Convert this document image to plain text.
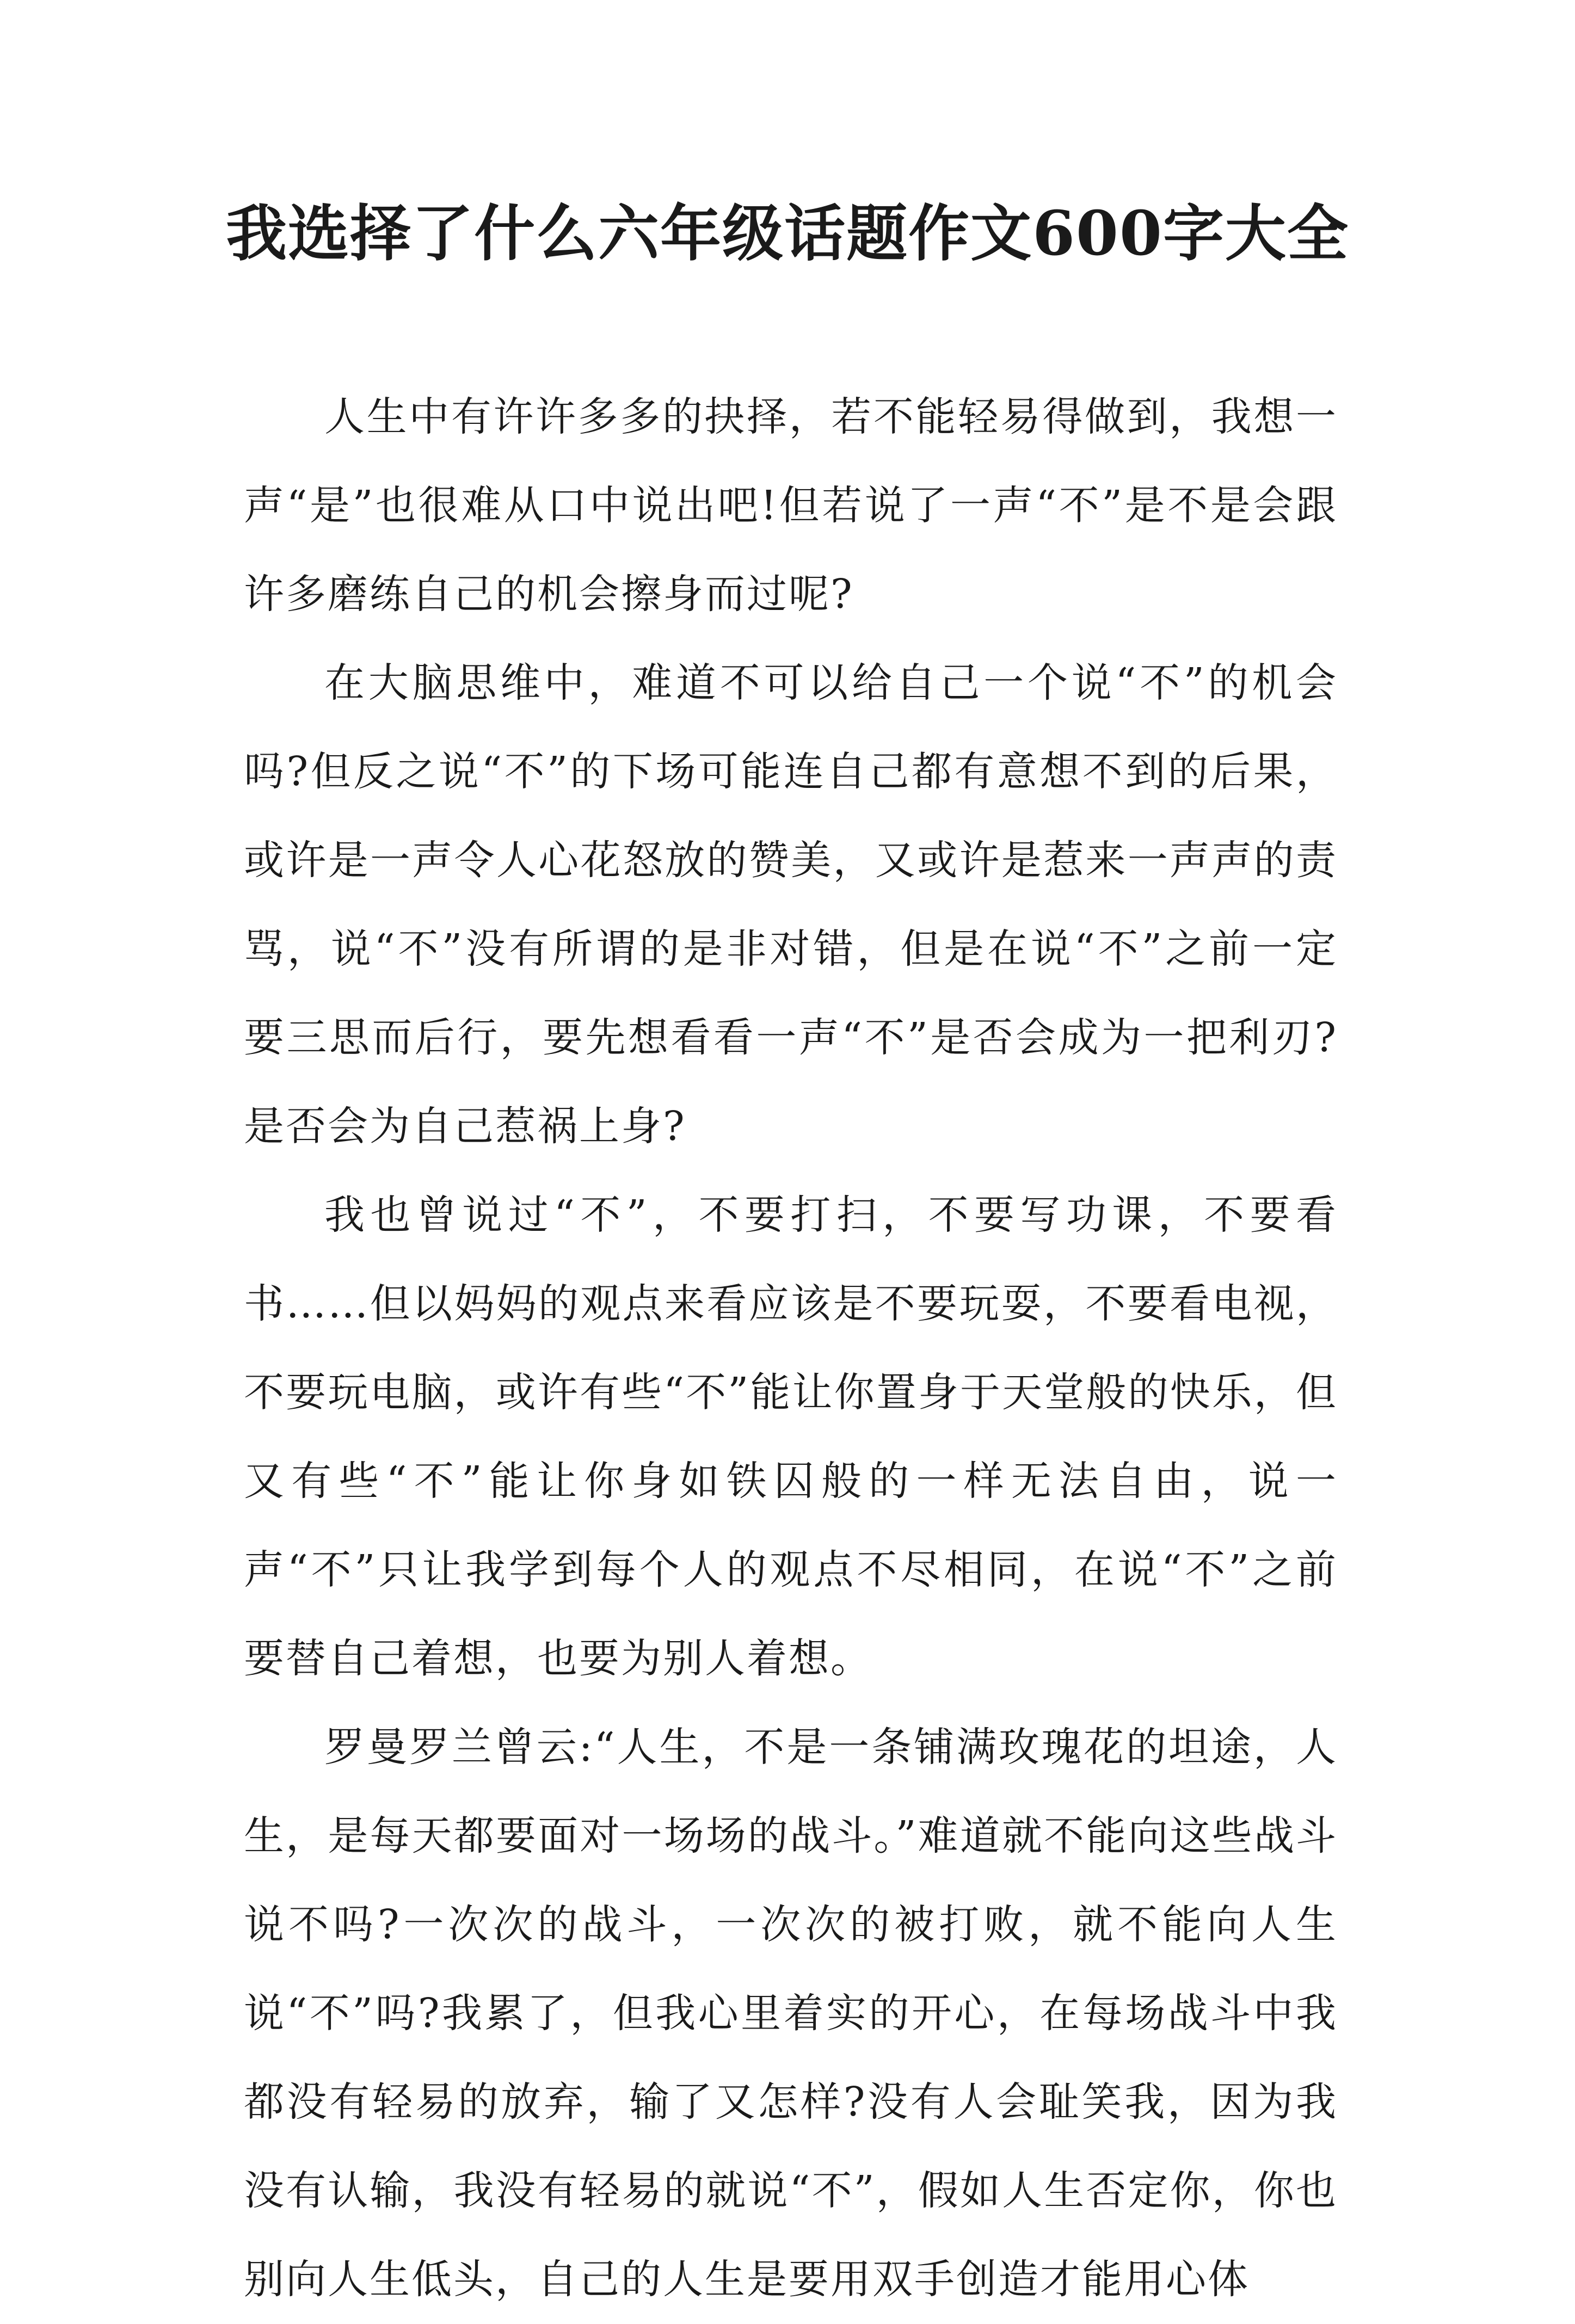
我选择了什么六年级话题作文600字大全

人生中有许许多多的抉择，若不能轻易得做到，我想一声“是”也很难从口中说出吧!但若说了一声“不”是不是会跟许多磨练自己的机会擦身而过呢?

在大脑思维中，难道不可以给自己一个说“不”的机会吗?但反之说“不”的下场可能连自己都有意想不到的后果，或许是一声令人心花怒放的赞美，又或许是惹来一声声的责骂，说“不”没有所谓的是非对错，但是在说“不”之前一定要三思而后行，要先想看看一声“不”是否会成为一把利刃?是否会为自己惹祸上身?

我也曾说过“不”，不要打扫，不要写功课，不要看书……但以妈妈的观点来看应该是不要玩耍，不要看电视，不要玩电脑，或许有些“不”能让你置身于天堂般的快乐，但又有些“不”能让你身如铁囚般的一样无法自由，说一声“不”只让我学到每个人的观点不尽相同，在说“不”之前要替自己着想，也要为别人着想。

罗曼罗兰曾云:“人生，不是一条铺满玫瑰花的坦途，人生，是每天都要面对一场场的战斗。”难道就不能向这些战斗说不吗?一次次的战斗，一次次的被打败，就不能向人生说“不”吗?我累了，但我心里着实的开心，在每场战斗中我都没有轻易的放弃，输了又怎样?没有人会耻笑我，因为我没有认输，我没有轻易的就说“不”，假如人生否定你，你也别向人生低头，自己的人生是要用双手创造才能用心体
